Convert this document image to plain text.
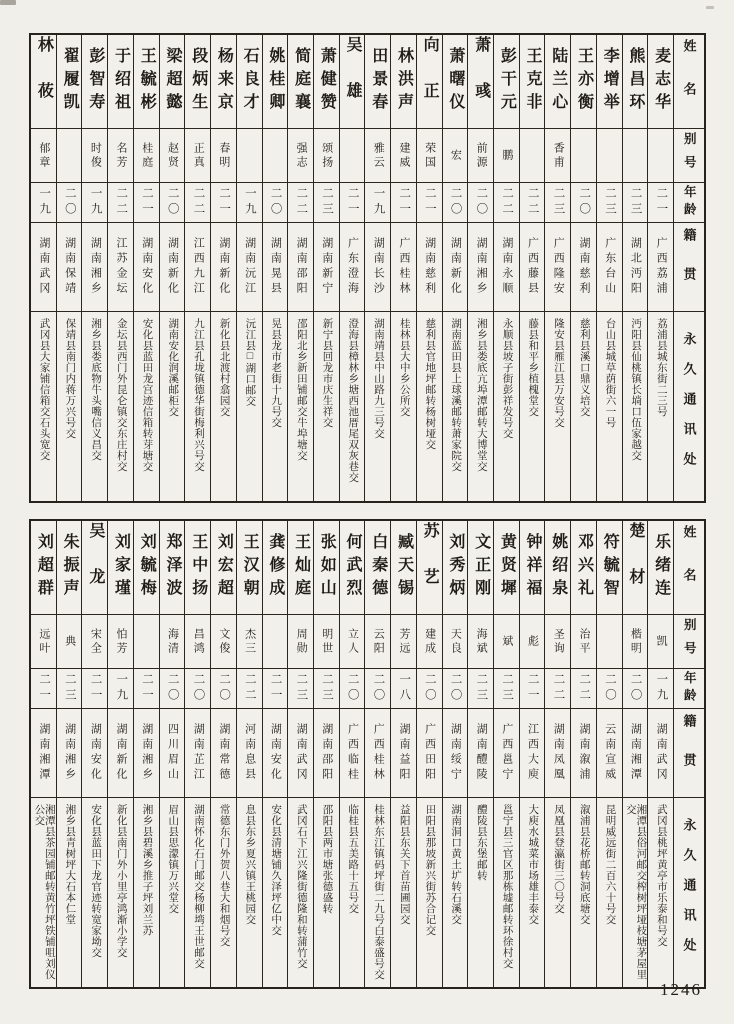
姓名
别号
年龄
籍贯
永久通讯处
麦志华
二一
广西荔浦
荔浦县城东街二三号
熊昌环
二三
湖北沔阳
沔阳县仙桃镇长埫口伍家越交
李增举
二三
广东台山
台山县城草荫街六一号
王亦衡
二〇
湖南慈利
慈利县溪口鼎义培交
陆兰心
香甫
二三
广西隆安
隆安县雁江县万安号交
王克非
二二
广西藤县
藤县和平乡植槐堂交
彭干元
鹏
二二
湖南永顺
永顺县坡子街彭祥发号交
萧彧
前源
二〇
湖南湘乡
湘乡县娄底亢埠潭邮转大博堂交
萧曙仪
宏
二〇
湖南新化
湖南蓝田县上球溪邮转萧家院交
向正
荣国
二一
湖南慈利
慈利县官地坪邮转杨树垭交
林洪声
建威
二一
广西桂林
桂林县大中乡公所交
田景春
雅云
一九
湖南长沙
湖南靖县中山路九三号交
吴雄
二一
广东澄海
澄海县樟林乡塘西池厝尾双灰巷交
萧健赞
颂扬
二三
湖南新宁
新宁县回龙市庆生祥交
简庭襄
强志
二二
湖南邵阳
邵阳北乡新田铺邮交牛埠塘交
姚桂卿
二〇
湖南晃县
晃县龙市老街十九号交
石良才
一九
湖南沅江
沅江县□湖口邮交
杨来京
春明
二一
湖南新化
新化县北渡村翕园交
段炳生
正真
二二
江西九江
九江县孔垅镇德华街梅利兴号交
梁超懿
赵贤
二〇
湖南新化
湖南安化润溪邮柜交
王毓彬
桂庭
二一
湖南安化
安化县蓝田龙宫迹信箱转芽塘交
于绍祖
名芳
二二
江苏金坛
金坛县西门外昆仑镇交东庄村交
彭智寿
时俊
一九
湖南湘乡
湘乡县娄底物牛头嘴信义昌交
翟履凯
二〇
湖南保靖
保靖县南门内蒋万兴号交
林莜
郁章
一九
湖南武冈
武冈县大家铺信箱交石头宽交
姓名
别号
年龄
籍贯
永久通讯处
乐绪连
凯
一九
湖南武冈
武冈县桃坪黄亭市乐泰和号交
楚材
楷明
二〇
湖南湘潭
湘潭县俗河邮交榨树坪垭枝塘茅屋里交
符毓智
二〇
云南宣威
昆明威远街二百六十号交
邓兴礼
治平
二二
湖南溆浦
溆浦县花桥邮转洞底塘交
姚绍泉
圣询
二二
湖南凤凰
凤凰县登瀛街三〇号交
钟祥福
彪
二一
江西大庾
大庾水城菜市场雄丰泰交
黄贤墀
斌
二三
广西邕宁
邕宁县三官区那栋墟邮转环徐村交
文正刚
海斌
二三
湖南醴陵
醴陵县东堡邮转
刘秀炳
天良
二〇
湖南绥宁
湖南洞口黄土圹转石溪交
苏艺
建成
二〇
广西田阳
田阳县那坡新兴街苏合记交
臧天锡
芳远
一八
湖南益阳
益阳县东关下首苗圃园交
白秦德
云阳
二〇
广西桂林
桂林东江镇码坪街二九号白泰盛号交
何武烈
立人
二〇
广西临桂
临桂县五美路十五号交
张如山
明世
二三
湖南邵阳
邵阳县两市塘张德盛转
王灿庭
周勋
二三
湖南武冈
武冈石下江兴隆街德隆和转蒲竹交
龚修成
二一
湖南安化
安化县清塘铺久泽坪亿中交
王汉朝
杰三
二二
河南息县
息县东乡夏兴镇王桃园交
刘宏超
文俊
二〇
湖南常德
常德东门外贺八巷大和烟号交
王中扬
昌鸿
二〇
湖南芷江
湖南怀化石门邮交杨柳塆王世邮交
郑泽波
海清
二〇
四川眉山
眉山县思濛镇万兴堂交
刘毓梅
二一
湖南湘乡
湘乡县碧溪乡推子坪刘兰苏
刘家瑾
怕芳
一九
湖南新化
新化县南门外小里亭鸿渐小学交
吴龙
宋全
二一
湖南安化
安化县蓝田下龙官迹转宽家坳交
朱振声
典
二三
湖南湘乡
湘乡县青树坪大石本仁堂
刘超群
远叶
二一
湖南湘潭
湘潭县茶园铺邮转黄竹坪铁铺咀刘仪公交
1246
